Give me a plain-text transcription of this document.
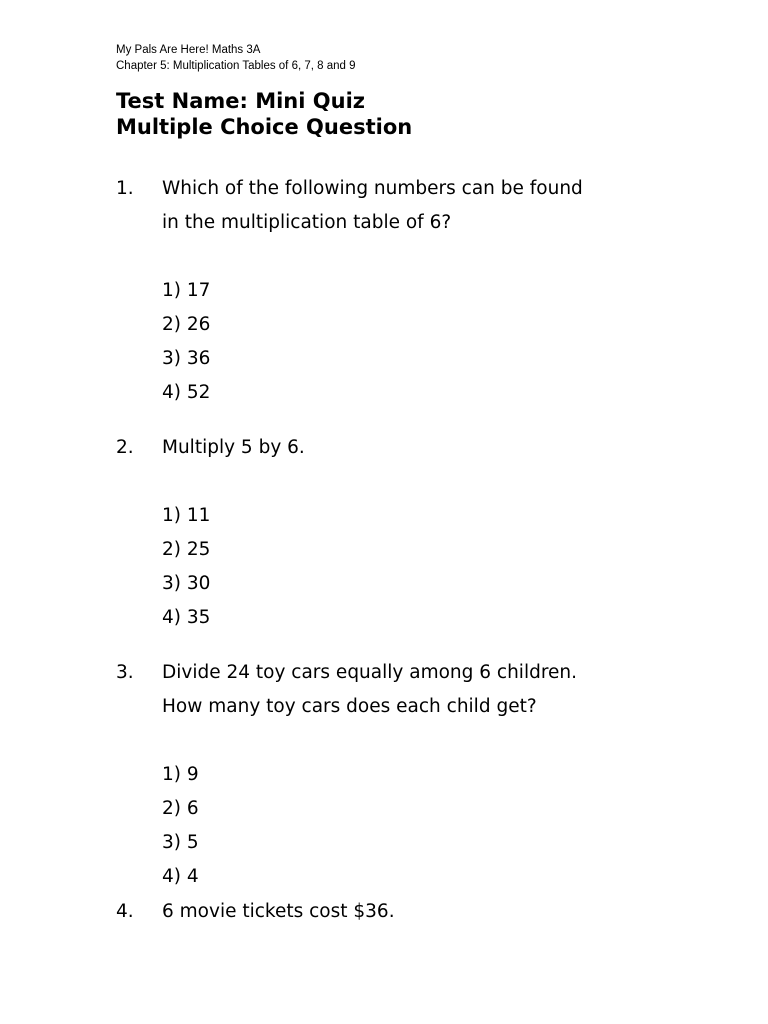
My Pals Are Here! Maths 3A
Chapter 5: Multiplication Tables of 6, 7, 8 and 9
Test Name: Mini Quiz
Multiple Choice Question
1. Which of the following numbers can be found
in the multiplication table of 6?
1) 17
2) 26
3) 36
4) 52
2. Multiply 5 by 6.
1) 11
2) 25
3) 30
4) 35
3. Divide 24 toy cars equally among 6 children.
How many toy cars does each child get?
1) 9
2) 6
3) 5
4) 4
4. 6 movie tickets cost $36.
